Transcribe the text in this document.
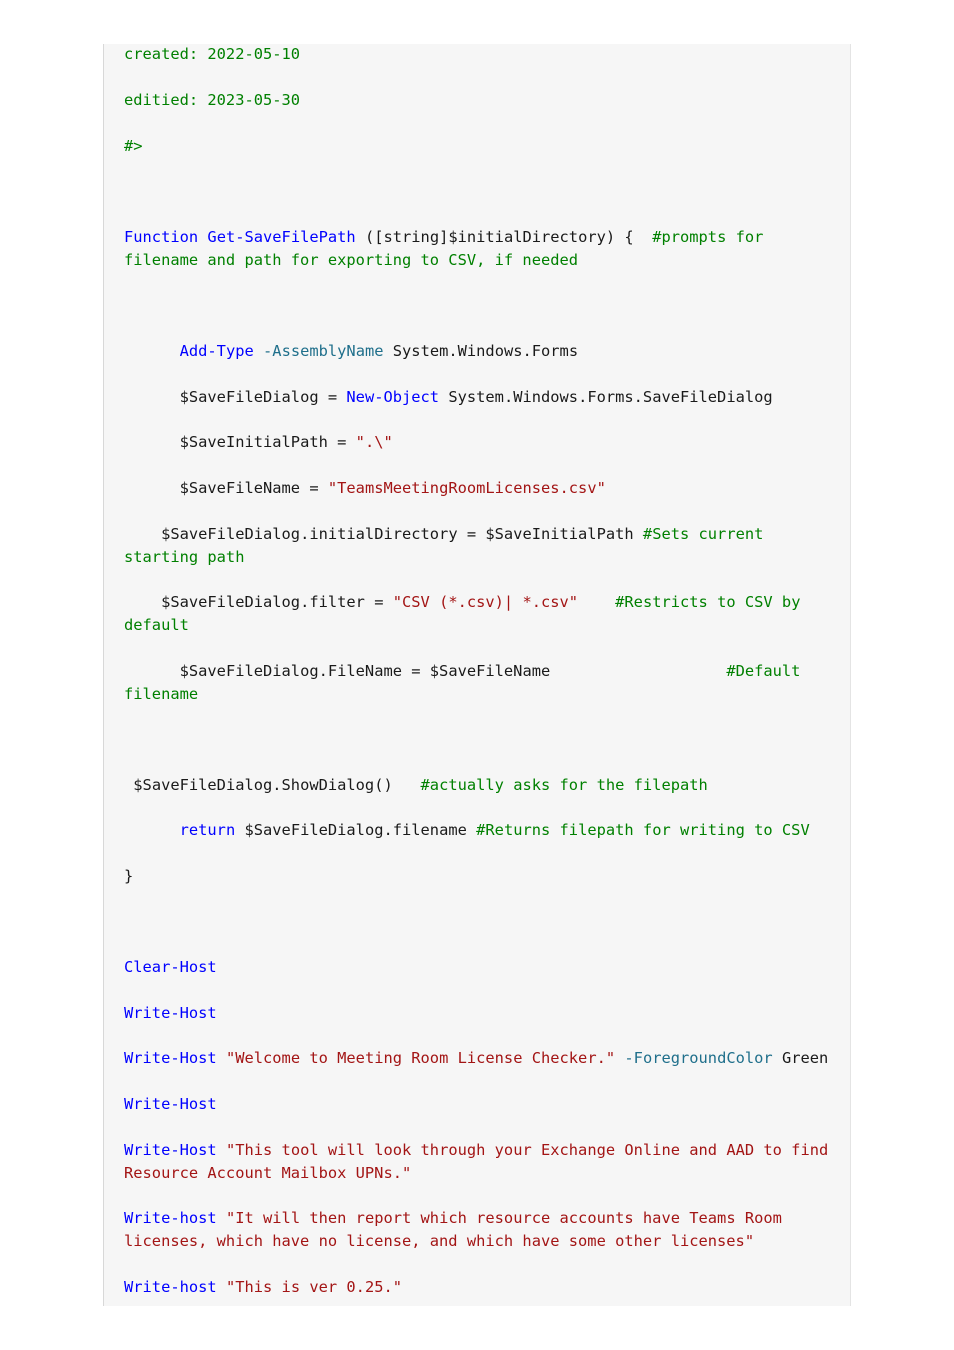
created: 2022-05-10
editied: 2023-05-30
#>
Function Get-SaveFilePath ([string]$initialDirectory) {  #prompts for filename and path for exporting to CSV, if needed
Add-Type -AssemblyName System.Windows.Forms
$SaveFileDialog = New-Object System.Windows.Forms.SaveFileDialog
$SaveInitialPath = ".\"
$SaveFileName = "TeamsMeetingRoomLicenses.csv"
$SaveFileDialog.initialDirectory = $SaveInitialPath #Sets current starting path
$SaveFileDialog.filter = "CSV (*.csv)| *.csv" #Restricts to CSV by default
$SaveFileDialog.FileName = $SaveFileName                   #Default filename
$SaveFileDialog.ShowDialog()   #actually asks for the filepath
return $SaveFileDialog.filename #Returns filepath for writing to CSV
}
Clear-Host
Write-Host
Write-Host "Welcome to Meeting Room License Checker." -ForegroundColor Green
Write-Host
Write-Host "This tool will look through your Exchange Online and AAD to find Resource Account Mailbox UPNs."
Write-host "It will then report which resource accounts have Teams Room licenses, which have no license, and which have some other licenses"
Write-host "This is ver 0.25."
